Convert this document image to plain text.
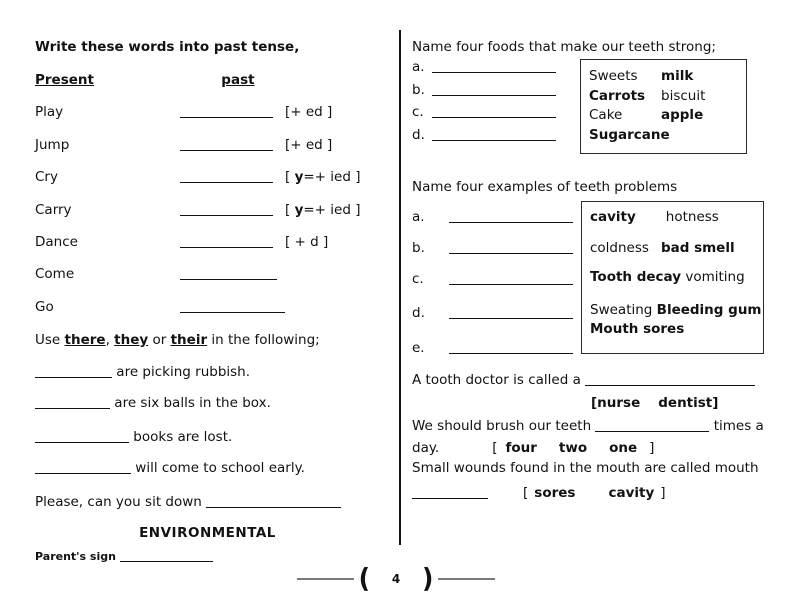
Write these words into past tense,
Present	past
Play	[+ ed ]
Jump	[+ ed ]
Cry	[ y=+ ied ]
Carry	[ y=+ ied ]
Dance	[ + d ]
Come
Go
Use there, they or their in the following;
are picking rubbish.
are six balls in the box.
books are lost.
will come to school early.
Please, can you sit down
ENVIRONMENTAL
Parent's sign
Name four foods that make our teeth strong;
a.
b.
c.
d.
Sweets milk
Carrots biscuit
Cake	apple
Sugarcane
Name four examples of teeth problems
a.
b.
c.
d.
e.
cavity hotness
coldness bad smell
Tooth decay vomiting
Sweating Bleeding gum
Mouth sores
A tooth doctor is called a
[nurse dentist]
We should brush our teeth	times a
day.	[ four two one ]
Small wounds found in the mouth are called mouth
[ sores cavity ]
(	4 )
